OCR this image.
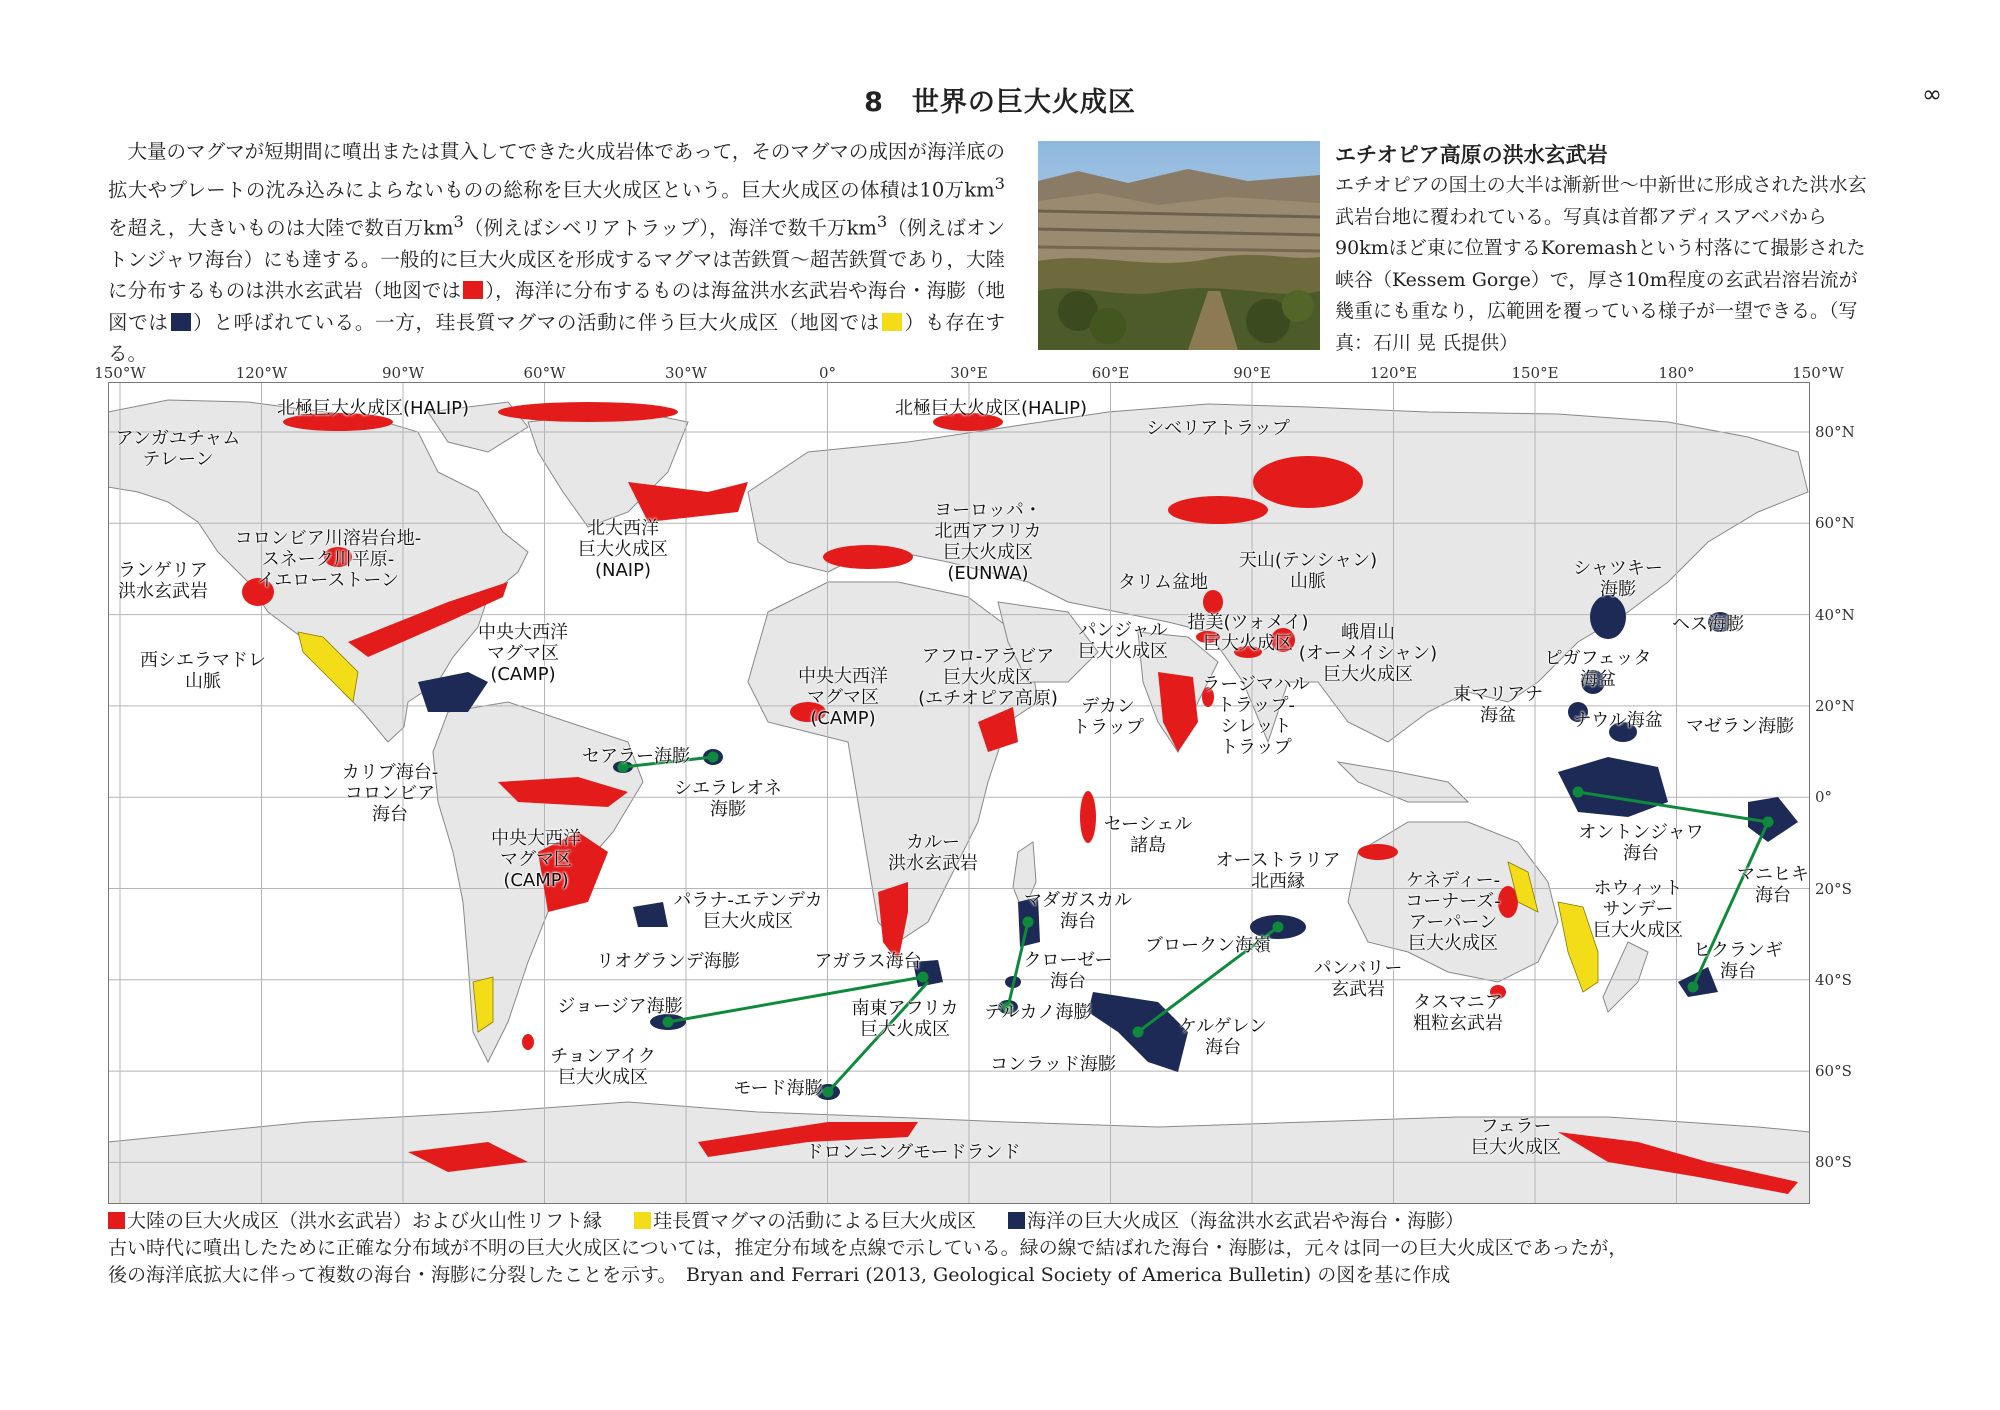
8　世界の巨大火成区	∞
　大量のマグマが短期間に噴出または貫入してできた火成岩体であって，そのマグマの成因が海洋底の拡大やプレートの沈み込みによらないものの総称を巨大火成区という。巨大火成区の体積は10万$km^3$を超え，大きいものは大陸で数百万$km^3$（例えばシベリアトラップ），海洋で数千万$km^3$（例えばオントンジャワ海台）にも達する。一般的に巨大火成区を形成するマグマは苦鉄質～超苦鉄質であり，大陸に分布するものは洪水玄武岩（地図では ），海洋に分布するものは海盆洪水玄武岩や海台・海膨（地図では ）と呼ばれている。一方，珪長質マグマの活動に伴う巨大火成区（地図では ）も存在する。
エチオピア高原の洪水玄武岩
エチオピアの国土の大半は漸新世～中新世に形成された洪水玄武岩台地に覆われている。写真は首都アディスアベバから90kmほど東に位置するKoremashという村落にて撮影された峡谷（Kessem Gorge）で，厚さ10m程度の玄武岩溶岩流が幾重にも重なり，広範囲を覆っている様子が一望できる。（写真：石川 晃 氏提供）
150°W	120°W	90°W	60°W	30°W	0°	30°E	60°E	90°E	120°E	150°E	180°	150°W
80°N
60°N
40°N
20°N
0°
20°S
40°S
60°S
80°S
北極巨大火成区(HALIP)	北極巨大火成区(HALIP)
アンガユチャム
テレーン
コロンビア川溶岩台地-
スネーク川平原-
イエローストーン
ランゲリア
洪水玄武岩
北大西洋
巨大火成区
(NAIP)
ヨーロッパ・
北西アフリカ
巨大火成区
(EUNWA)
シベリアトラップ
タリム盆地
天山(テンシャン)
山脈
シャツキー
海膨
ヘス海膨
中央大西洋
マグマ区
(CAMP)
西シエラマドレ
山脈
パンジャル
巨大火成区
措美(ツォメイ)
巨大火成区
峨眉山
(オーメイシャン)
巨大火成区
アフロ-アラビア
巨大火成区
(エチオピア高原)
中央大西洋
マグマ区
(CAMP)
ピガフェッタ
海盆
東マリアナ
海盆	ナウル海盆 マゼラン海膨
デカン
トラップ
ラージマハル
トラップ-
シレット
トラップ
セアラー海膨
カリブ海台-
コロンビア
海台
シエラレオネ
海膨
セーシェル
諸島
オントンジャワ
海台
中央大西洋
マグマ区
(CAMP)
カルー
洪水玄武岩	オーストラリア
北西縁	マニヒキ
海台
ケネディー-
コーナーズ-
アーパーン
巨大火成区
ホウィット
サンデー
巨大火成区
パラナ-エテンデカ
巨大火成区
マダガスカル
海台
ブロークン海嶺
リオグランデ海膨	アガラス海台	クローゼー
海台
ヒクランギ
海台
パンバリー
玄武岩
ジョージア海膨	南東アフリカ
巨大火成区
デルカノ海膨	タスマニア
粗粒玄武岩
ケルゲレン
海台
チョンアイク
巨大火成区
コンラッド海膨
モード海膨
フェラー
巨大火成区
ドロンニングモードランド
大陸の巨大火成区（洪水玄武岩）および火山性リフト縁	珪長質マグマの活動による巨大火成区	海洋の巨大火成区（海盆洪水玄武岩や海台・海膨）
古い時代に噴出したために正確な分布域が不明の巨大火成区については，推定分布域を点線で示している。緑の線で結ばれた海台・海膨は，元々は同一の巨大火成区であったが，
後の海洋底拡大に伴って複数の海台・海膨に分裂したことを示す。　Bryan and Ferrari (2013, Geological Society of America Bulletin) の図を基に作成
